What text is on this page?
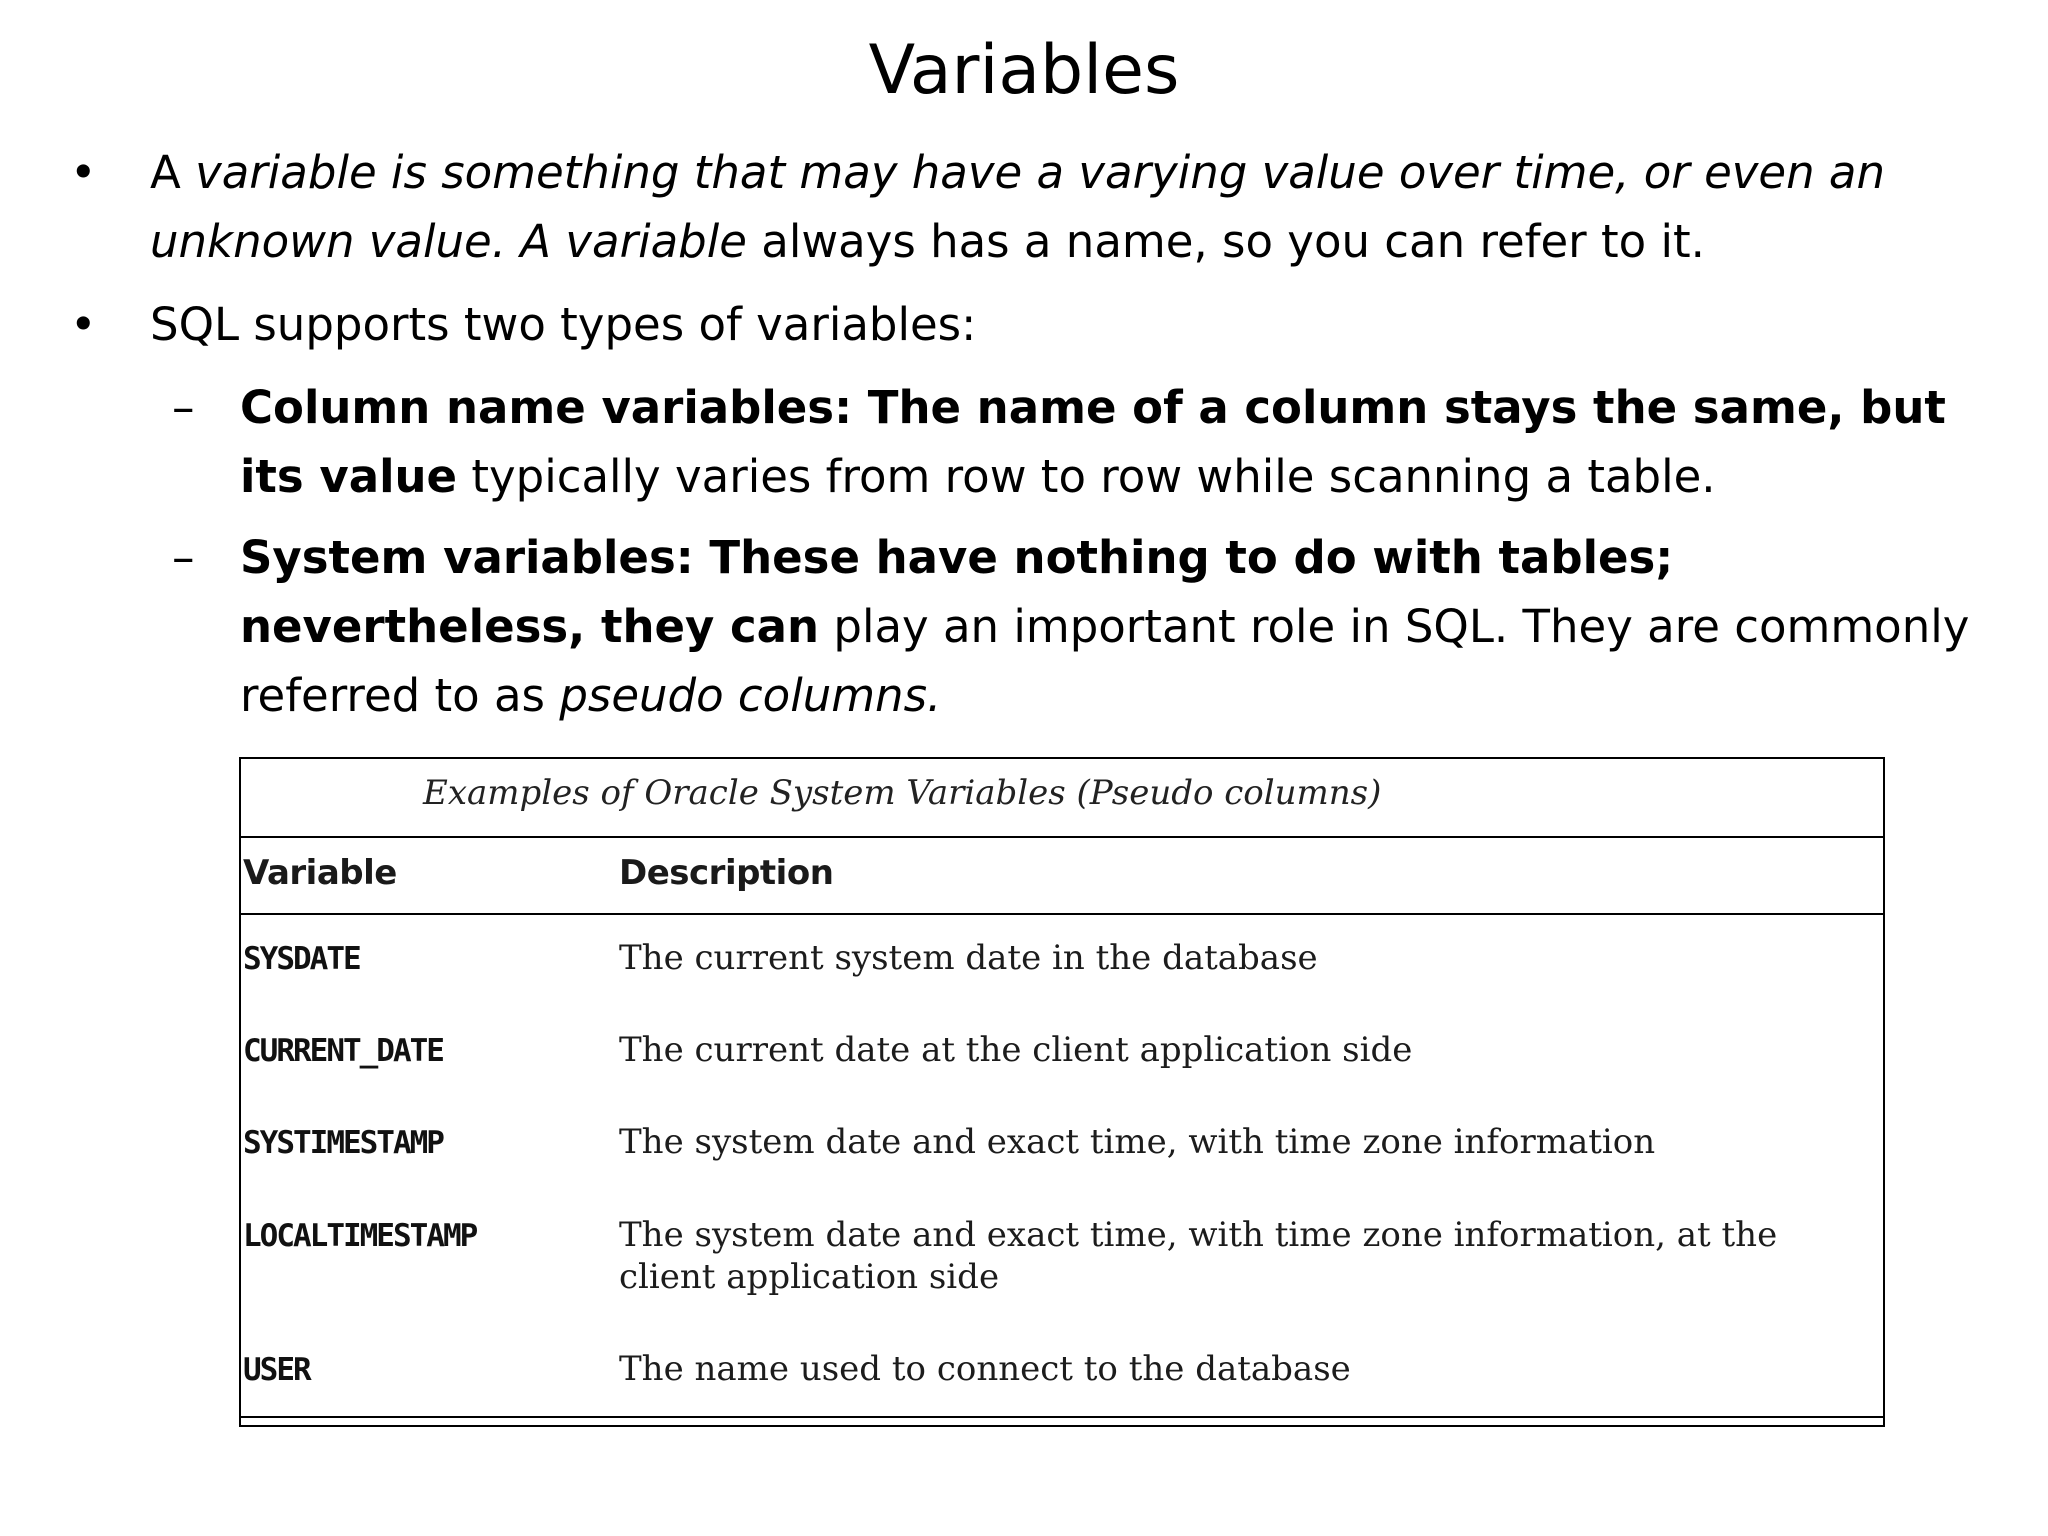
Variables
• A variable is something that may have a varying value over time, or even an unknown value. A variable always has a name, so you can refer to it.
• SQL supports two types of variables:
– Column name variables: The name of a column stays the same, but its value typically varies from row to row while scanning a table.
– System variables: These have nothing to do with tables; nevertheless, they can play an important role in SQL. They are commonly referred to as pseudo columns.
Examples of Oracle System Variables (Pseudo columns)
Variable	Description
SYSDATE	The current system date in the database
CURRENT_DATE	The current date at the client application side
SYSTIMESTAMP	The system date and exact time, with time zone information
LOCALTIMESTAMP	The system date and exact time, with time zone information, at the client application side
USER	The name used to connect to the database
